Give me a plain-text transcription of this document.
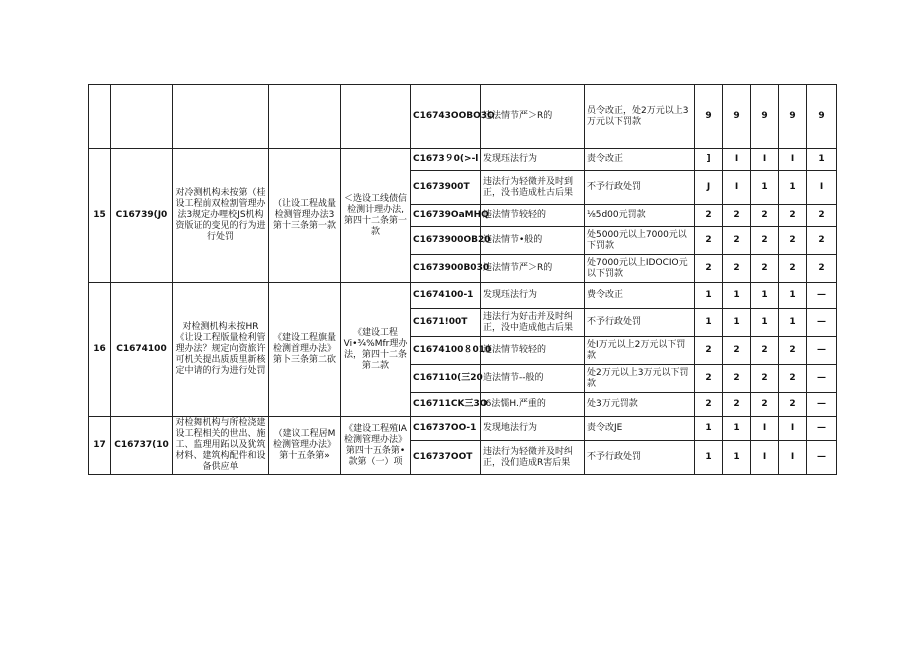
					C16743OOBO3O	违法情节严＞R的	员令改正，处2万元以上3万元以下罚款	9	9	9	9	9
15	C16739(J0	对冷测机构未按第（桂设工程前双检割管理办法3规定办哩校JS机构资版证的变见的行为进行处罚	（让设工程战量检测管理办法3第十三条第一款	＜选设工线债信检测计理办法,第四十二条第一款	C1673９0(>-l	发现珏法行为	责令改正	]	I	I	I	1
					C1673900T	违法行为轻微并及时到正，没书造成杜古后果	不予行政处罚	J	I	1	1	I
					C16739OaMHQ	违法情节较轻的	⅛5d00元罚款	2	2	2	2	2
					C1673900OB20	违法情节•般的	处5000元以上7000元以下罚款	2	2	2	2	2
					C1673900B030	违法情节严＞R的	处7000元以上IDOCIO元以下罚款	2	2	2	2	2
16	C1674100	对检测机构未按HR《让设工程版量检利管理办法？规定向资旅许可机关提出质质里新核定中请的行为进行处罚	《建设工程旗量检测首理办法》第卜三条第二砍	《建设工程Vi•¾%Mfr理办法，第四十二条第二款	C1674100-1	发现珏法行为	费令改正	1	1	1	1	—
					C1671!00T	违法行为好击并及时纠正，没中造成他古后果	不予行政处罚	1	1	1	1	—
					C1674100８010	违法情节较轻的	处I万元以上2万元以下罚款	2	2	2	2	—
					C167110(三20	造法情节--般的	处2万元以上3万元以下罚款	2	2	2	2	—
					C16711CK三3O	I6法懦H.严重的	处3万元罚款	2	2	2	2	—
17	C16737(10	对检舞机构与所检浇建设工程相关的世出、施工、监理用跖以及犹筑材料、建筑构配件和设备供应单	（建议工程居M检测管理办法》第十五条第»	《建设工程殖IA检测管理办法》第四十五条第•款第（一）项	C16737OO-1	发现地法行为	责令改JE	1	1	I	I	—
					C16737OOT	违法行为轻微并及时纠正，没们造成R害后果	不予行政处罚	1	1	I	I	—
